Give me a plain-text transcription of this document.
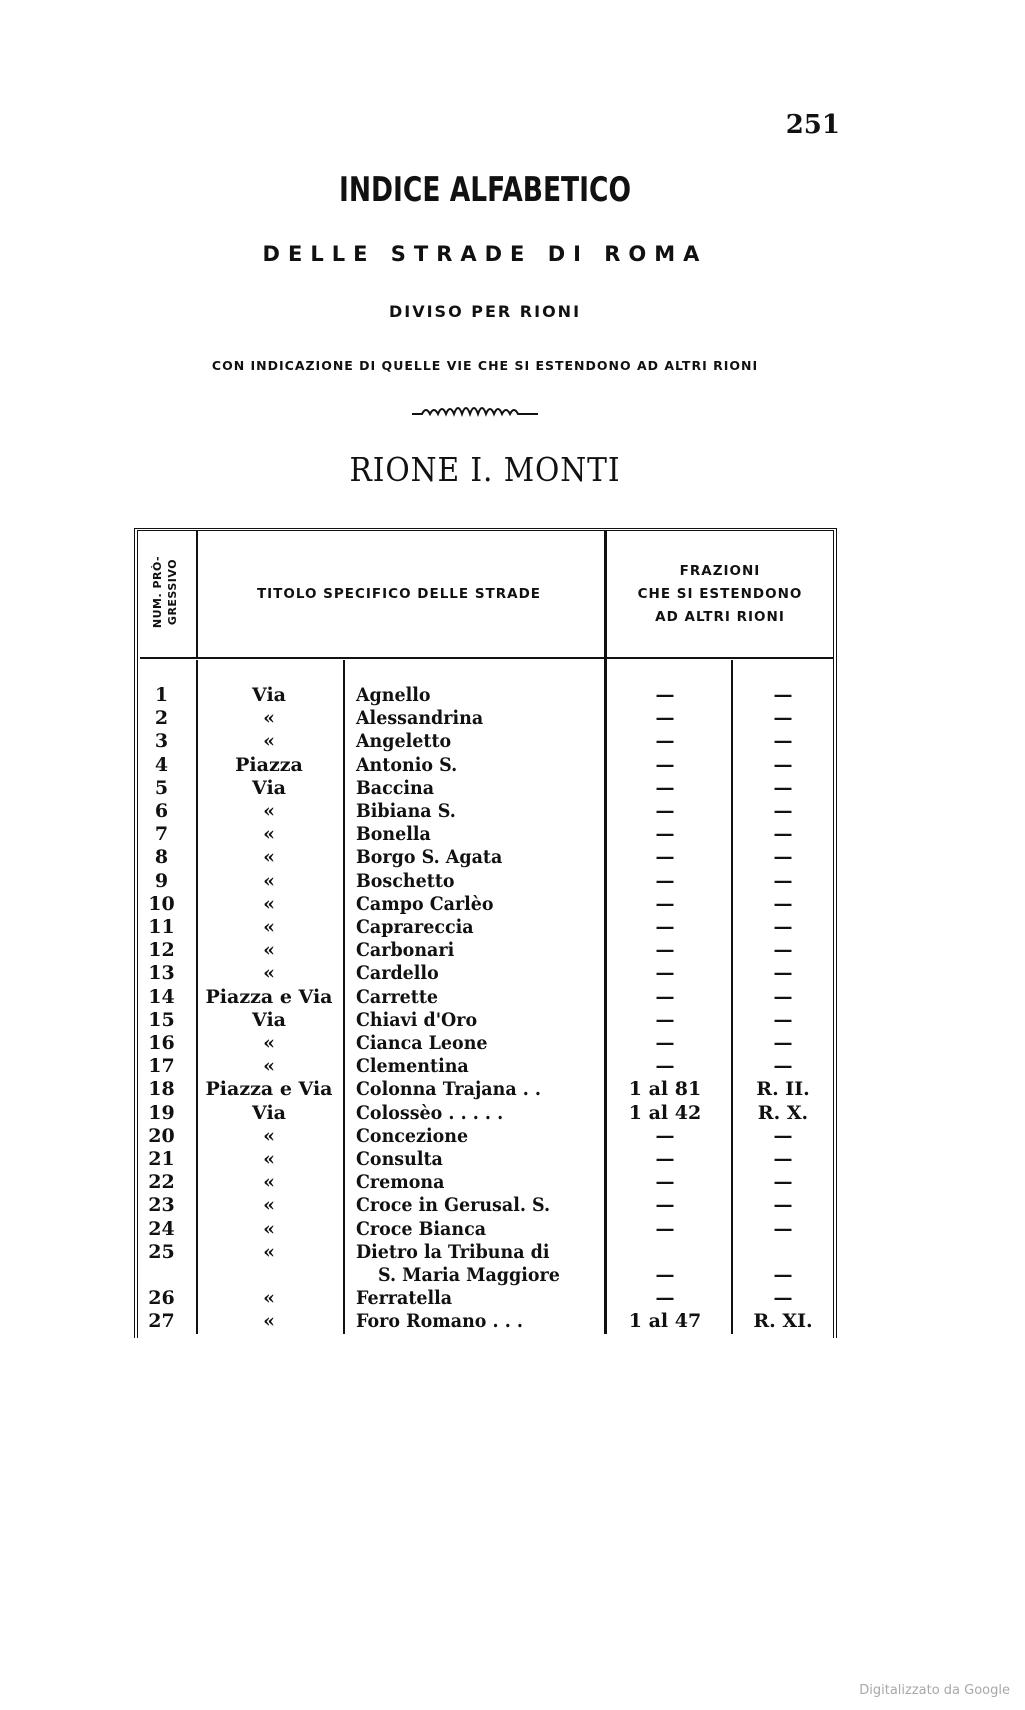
251
INDICE ALFABETICO
DELLE STRADE DI ROMA
DIVISO PER RIONI
CON INDICAZIONE DI QUELLE VIE CHE SI ESTENDONO AD ALTRI RIONI
RIONE I. MONTI
NUM. PRÒ- GRESSIVO	TITOLO SPECIFICO DELLE STRADE
FRAZIONI
CHE SI ESTENDONO
AD ALTRI RIONI
1	Via	Agnello	—	—
2	«	Alessandrina	—	—
3	«	Angeletto	—	—
4	Piazza	Antonio S.	—	—
5	Via	Baccina	—	—
6	«	Bibiana S.	—	—
7	«	Bonella	—	—
8	«	Borgo S. Agata	—	—
9	«	Boschetto	—	—
10	«	Campo Carlèo	—	—
11	«	Caprareccia	—	—
12	«	Carbonari	—	—
13	«	Cardello	—	—
14	Piazza e Via	Carrette	—	—
15	Via	Chiavi d'Oro	—	—
16	«	Cianca Leone	—	—
17	«	Clementina	—	—
18	Piazza e Via	Colonna Trajana . .	1 al 81	R. II.
19	Via	Colossèo . . . . .	1 al 42	R. X.
20	«	Concezione	—	—
21	«	Consulta	—	—
22	«	Cremona	—	—
23	«	Croce in Gerusal. S.	—	—
24	«	Croce Bianca	—	—
25	«	Dietro la Tribuna di
S. Maria Maggiore	—	—
26	«	Ferratella	—	—
27	«	Foro Romano . . .	1 al 47	R. XI.
Digitalizzato da Google
